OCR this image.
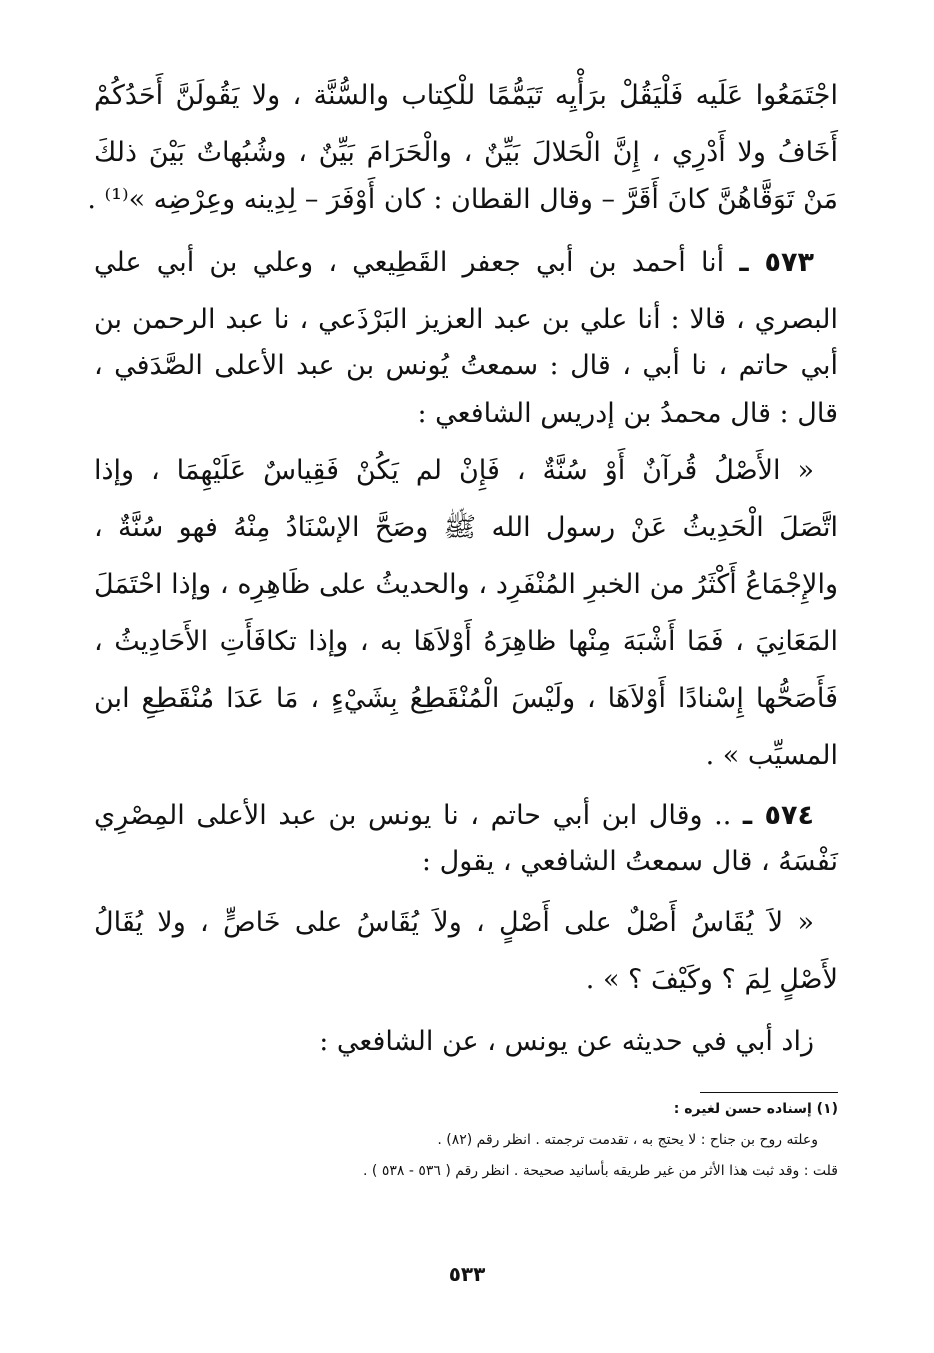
اجْتَمَعُوا عَلَيه فَلْيَقُلْ برَأْيِه تَيَمُّمًا للْكِتاب والسُّنَّة ، ولا يَقُولَنَّ أَحَدُكُمْ
أَخَافُ ولا أَدْرِي ، إِنَّ الْحَلالَ بَيِّنٌ ، والْحَرَامَ بَيِّنٌ ، وشُبُهاتٌ بَيْنَ ذلكَ
مَنْ تَوَقَّاهُنَّ كانَ أَقَرَّ – وقال القطان : كان أَوْفَرَ – لِدِينه وعِرْضِه »⁽¹⁾ .
٥٧٣ ـ أنا أحمد بن أبي جعفر القَطِيعي ، وعلي بن أبي علي
البصري ، قالا : أنا علي بن عبد العزيز البَرْذَعي ، نا عبد الرحمن بن
أبي حاتم ، نا أبي ، قال : سمعتُ يُونس بن عبد الأعلى الصَّدَفي ،
قال : قال محمدُ بن إدريس الشافعي :
« الأَصْلُ قُرآنٌ أَوْ سُنَّةٌ ، فَإِنْ لم يَكُنْ فَقِياسٌ عَلَيْهِمَا ، وإذا
اتَّصَلَ الْحَدِيثُ عَنْ رسول الله ﷺ وصَحَّ الإسْنَادُ مِنْهُ فهو سُنَّةٌ ،
والإِجْمَاعُ أَكْثَرُ من الخبرِ المُنْفَرِد ، والحديثُ على ظَاهِرِه ، وإذا احْتَمَلَ
المَعَانِيَ ، فَمَا أَشْبَهَ مِنْها ظاهِرَهُ أَوْلاَهَا به ، وإذا تكافَأَتِ الأَحَادِيثُ ،
فَأَصَحُّها إِسْنادًا أَوْلاَهَا ، ولَيْسَ الْمُنْقَطِعُ بِشَيْءٍ ، مَا عَدَا مُنْقَطِعِ ابن
المسيِّب » .
٥٧٤ ـ .. وقال ابن أبي حاتم ، نا يونس بن عبد الأعلى المِصْرِي
نَفْسَهُ ، قال سمعتُ الشافعي ، يقول :
« لاَ يُقَاسُ أَصْلٌ على أَصْلٍ ، ولاَ يُقَاسُ على خَاصٍّ ، ولا يُقَالُ
لأَصْلٍ لِمَ ؟ وكَيْفَ ؟ » .
زاد أبي في حديثه عن يونس ، عن الشافعي :
(١) إسناده حسن لغيره :
وعلته روح بن جناح : لا يحتج به ، تقدمت ترجمته . انظر رقم (٨٢) .
قلت : وقد ثبت هذا الأثر من غير طريقه بأسانيد صحيحة . انظر رقم ( ٥٣٦ - ٥٣٨ ) .
٥٣٣
